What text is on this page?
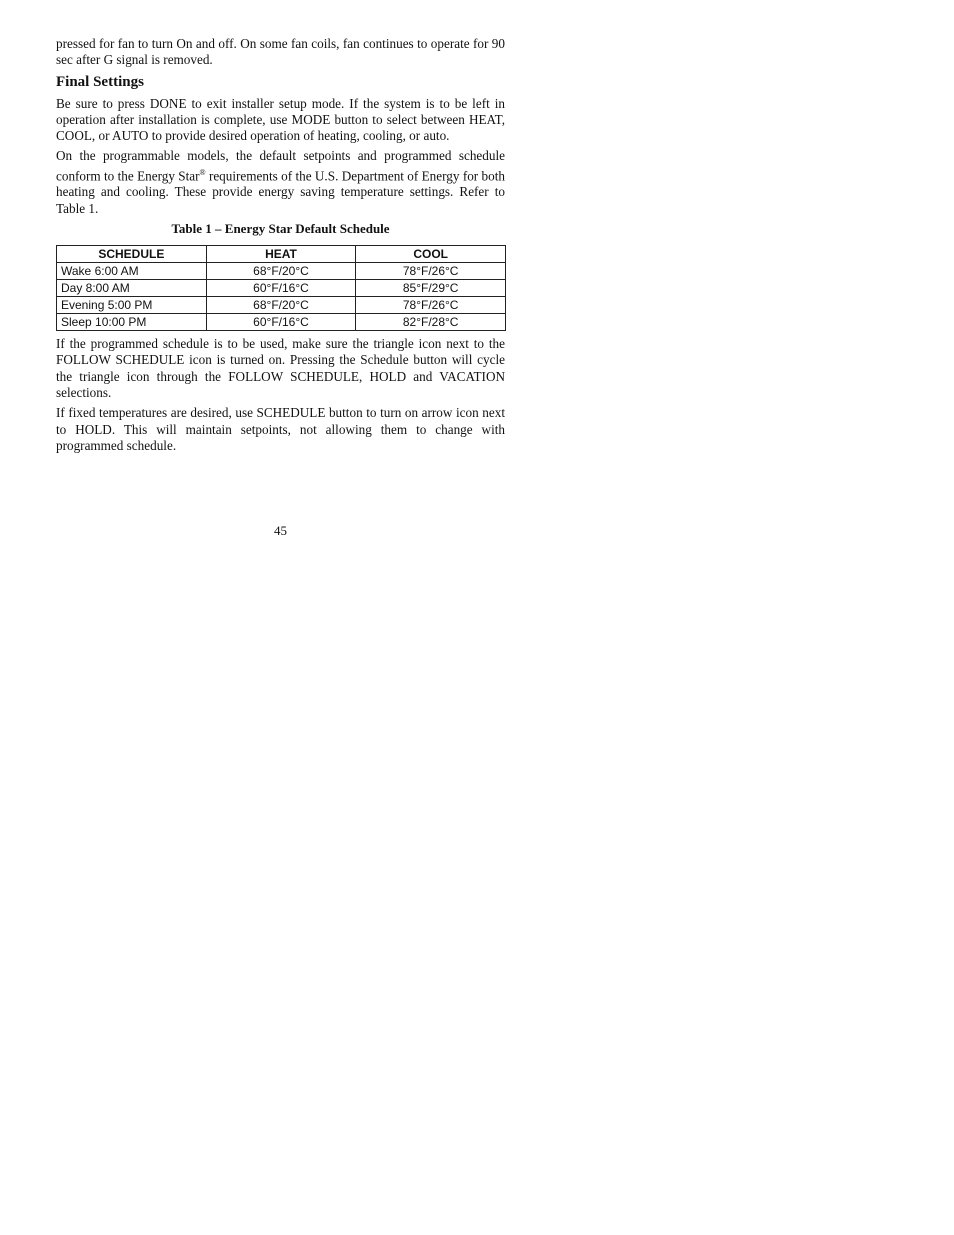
pressed for fan to turn On and off. On some fan coils, fan continues to operate for 90 sec after G signal is removed.

Final Settings

Be sure to press DONE to exit installer setup mode. If the system is to be left in operation after installation is complete, use MODE button to select between HEAT, COOL, or AUTO to provide desired operation of heating, cooling, or auto.

On the programmable models, the default setpoints and programmed schedule conform to the Energy Star® requirements of the U.S. Department of Energy for both heating and cooling. These provide energy saving temperature settings. Refer to Table 1.

Table 1 – Energy Star Default Schedule
SCHEDULE	HEAT	COOL
Wake 6:00 AM	68°F/20°C	78°F/26°C
Day 8:00 AM	60°F/16°C	85°F/29°C
Evening 5:00 PM	68°F/20°C	78°F/26°C
Sleep 10:00 PM	60°F/16°C	82°F/28°C

If the programmed schedule is to be used, make sure the triangle icon next to the FOLLOW SCHEDULE icon is turned on. Pressing the Schedule button will cycle the triangle icon through the FOLLOW SCHEDULE, HOLD and VACATION selections.

If fixed temperatures are desired, use SCHEDULE button to turn on arrow icon next to HOLD. This will maintain setpoints, not allowing them to change with programmed schedule.

45
